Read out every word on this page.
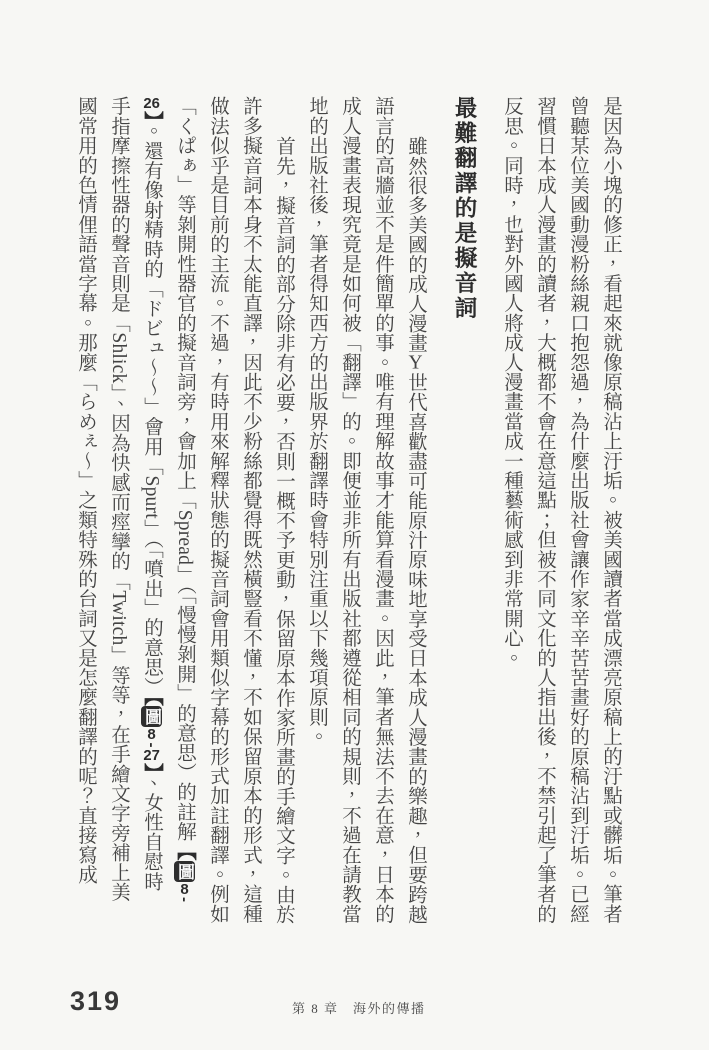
是因為小塊的修正，看起來就像原稿沾上汙垢。被美國讀者當成漂亮原稿上的汙點或髒垢。筆者
曾聽某位美國動漫粉絲親口抱怨過，為什麼出版社會讓作家辛辛苦苦畫好的原稿沾到汙垢。已經
習慣日本成人漫畫的讀者，大概都不會在意這點；但被不同文化的人指出後，不禁引起了筆者的
反思。同時，也對外國人將成人漫畫當成一種藝術感到非常開心。
最難翻譯的是擬音詞
雖然很多美國的成人漫畫Y世代喜歡盡可能原汁原味地享受日本成人漫畫的樂趣，但要跨越
語言的高牆並不是件簡單的事。唯有理解故事才能算看漫畫。因此，筆者無法不去在意，日本的
成人漫畫表現究竟是如何被「翻譯」的。即便並非所有出版社都遵從相同的規則，不過在請教當
地的出版社後，筆者得知西方的出版界於翻譯時會特別注重以下幾項原則。
首先，擬音詞的部分除非有必要，否則一概不予更動，保留原本作家所畫的手繪文字。由於
許多擬音詞本身不太能直譯，因此不少粉絲都覺得既然橫豎看不懂，不如保留原本的形式，這種
做法似乎是目前的主流。不過，有時用來解釋狀態的擬音詞會用類似字幕的形式加註翻譯。例如
「くぱぁ」等剝開性器官的擬音詞旁，會加上「Spread」（「慢慢剝開」的意思）的註解【圖8-
26】。還有像射精時的「ドビュ～～」會用「Spurt」（「噴出」的意思）【圖8-27】、女性自慰時
手指摩擦性器的聲音則是「Shlick」、因為快感而痙攣的「Twitch」等等，在手繪文字旁補上美
國常用的色情俚語當字幕。那麼「らめぇ～」之類特殊的台詞又是怎麼翻譯的呢？直接寫成
319	第 8 章　海外的傳播
